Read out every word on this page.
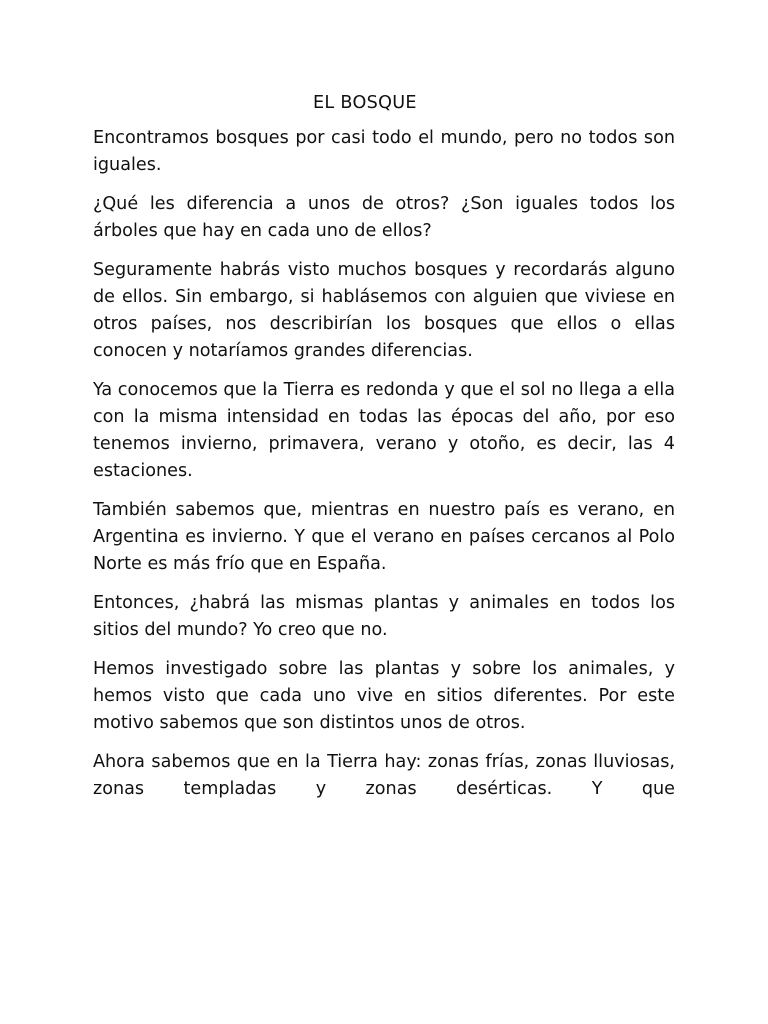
EL BOSQUE

Encontramos bosques por casi todo el mundo, pero no todos son iguales.

¿Qué les diferencia a unos de otros? ¿Son iguales todos los árboles que hay en cada uno de ellos?

Seguramente habrás visto muchos bosques y recordarás alguno de ellos. Sin embargo, si hablásemos con alguien que viviese en otros países, nos describirían los bosques que ellos o ellas conocen y notaríamos grandes diferencias.

Ya conocemos que la Tierra es redonda y que el sol no llega a ella con la misma intensidad en todas las épocas del año, por eso tenemos invierno, primavera, verano y otoño, es decir, las 4 estaciones.

También sabemos que, mientras en nuestro país es verano, en Argentina es invierno. Y que el verano en países cercanos al Polo Norte es más frío que en España.

Entonces, ¿habrá las mismas plantas y animales en todos los sitios del mundo? Yo creo que no.

Hemos investigado sobre las plantas y sobre los animales, y hemos visto que cada uno vive en sitios diferentes. Por este motivo sabemos que son distintos unos de otros.

Ahora sabemos que en la Tierra hay: zonas frías, zonas lluviosas, zonas templadas y zonas desérticas. Y que
